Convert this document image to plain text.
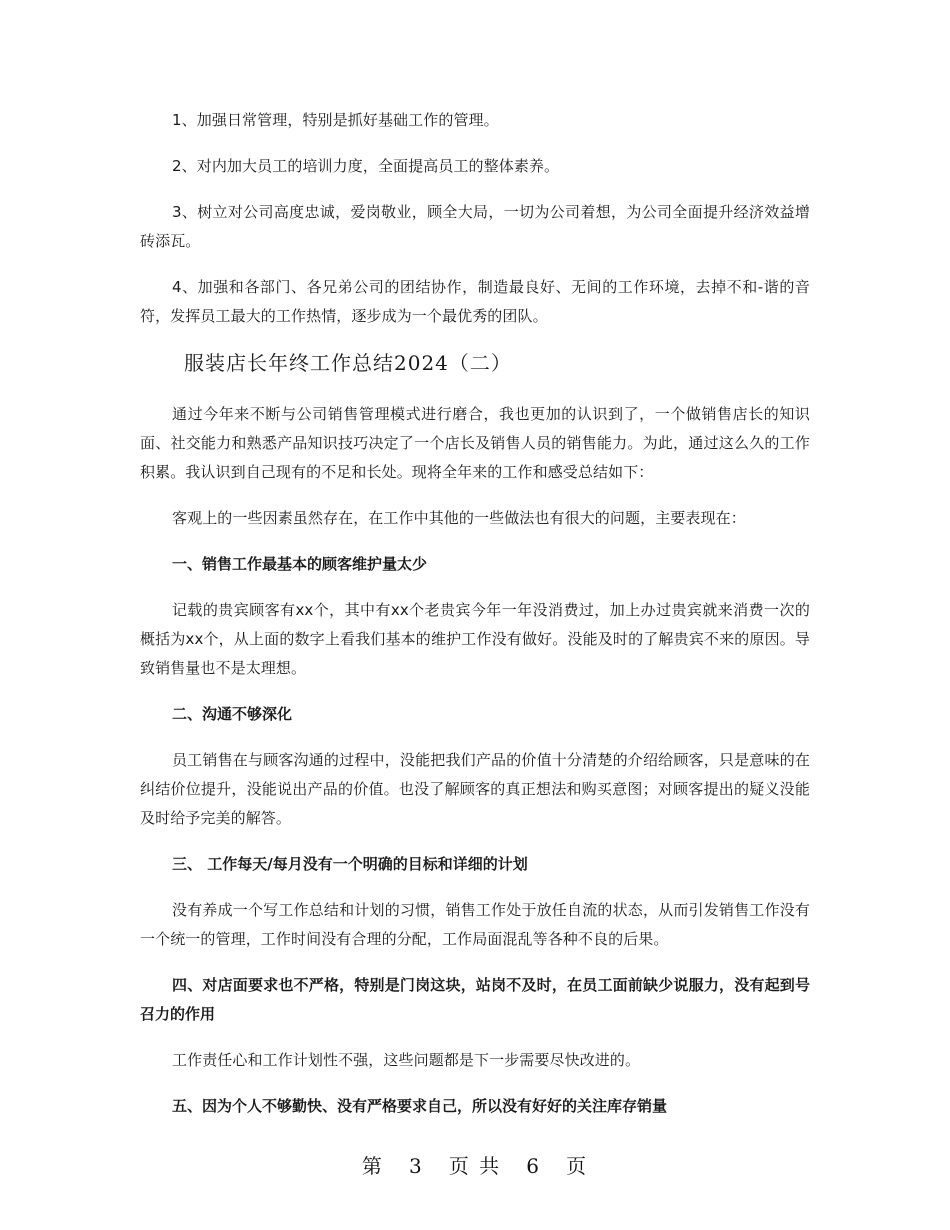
1、加强日常管理，特别是抓好基础工作的管理。

2、对内加大员工的培训力度，全面提高员工的整体素养。

3、树立对公司高度忠诚，爱岗敬业，顾全大局，一切为公司着想，为公司全面提升经济效益增砖添瓦。

4、加强和各部门、各兄弟公司的团结协作，制造最良好、无间的工作环境，去掉不和-谐的音符，发挥员工最大的工作热情，逐步成为一个最优秀的团队。

服装店长年终工作总结2024（二）

通过今年来不断与公司销售管理模式进行磨合，我也更加的认识到了，一个做销售店长的知识面、社交能力和熟悉产品知识技巧决定了一个店长及销售人员的销售能力。为此，通过这么久的工作积累。我认识到自己现有的不足和长处。现将全年来的工作和感受总结如下：

客观上的一些因素虽然存在，在工作中其他的一些做法也有很大的问题，主要表现在：

一、销售工作最基本的顾客维护量太少

记载的贵宾顾客有xx个，其中有xx个老贵宾今年一年没消费过，加上办过贵宾就来消费一次的概括为xx个，从上面的数字上看我们基本的维护工作没有做好。没能及时的了解贵宾不来的原因。导致销售量也不是太理想。

二、沟通不够深化

员工销售在与顾客沟通的过程中，没能把我们产品的价值十分清楚的介绍给顾客，只是意味的在纠结价位提升，没能说出产品的价值。也没了解顾客的真正想法和购买意图；对顾客提出的疑义没能及时给予完美的解答。

三、 工作每天/每月没有一个明确的目标和详细的计划

没有养成一个写工作总结和计划的习惯，销售工作处于放任自流的状态，从而引发销售工作没有一个统一的管理，工作时间没有合理的分配，工作局面混乱等各种不良的后果。

四、对店面要求也不严格，特别是门岗这块，站岗不及时，在员工面前缺少说服力，没有起到号召力的作用

工作责任心和工作计划性不强，这些问题都是下一步需要尽快改进的。

五、因为个人不够勤快、没有严格要求自己，所以没有好好的关注库存销量

第 3 页 共 6 页
